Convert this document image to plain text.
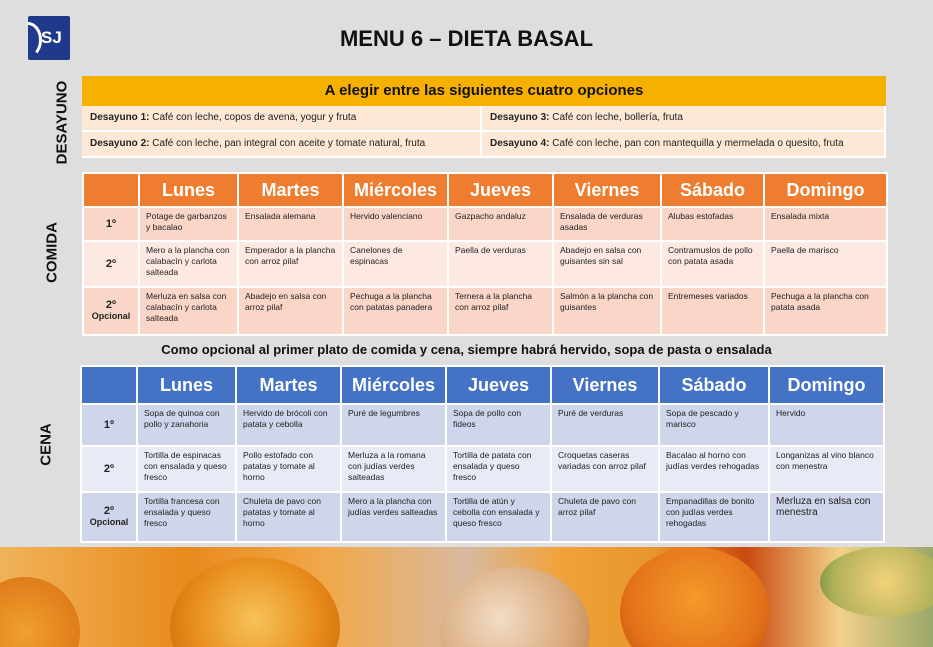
SJ	MENU 6 – DIETA BASAL
DESAYUNO
COMIDA
CENA
A elegir entre las siguientes cuatro opciones
Desayuno 1: Café con leche, copos de avena, yogur y fruta	Desayuno 3: Café con leche, bollería, fruta
Desayuno 2: Café con leche, pan integral con aceite y tomate natural, fruta	Desayuno 4: Café con leche, pan con mantequilla y mermelada o quesito, fruta
	Lunes	Martes	Miércoles	Jueves	Viernes	Sábado	Domingo
1º	Potage de garbanzos y bacalao	Ensalada alemana	Hervido valenciano	Gazpacho andaluz	Ensalada de verduras asadas	Alubas estofadas	Ensalada mixta
2º	Mero a la plancha con calabacín y carlota salteada	Emperador a la plancha con arroz pilaf	Canelones de espinacas	Paella de verduras	Abadejo en salsa con guisantes sin sal	Contramuslos de pollo con patata asada	Paella de marisco
2º
Opcional	Merluza en salsa con calabacín y carlota salteada	Abadejo en salsa con arroz pilaf	Pechuga a la plancha con patatas panadera	Ternera a la plancha con arroz pilaf	Salmón a la plancha con guisantes	Entremeses variados	Pechuga a la plancha con patata asada
Como opcional al primer plato de comida y cena, siempre habrá hervido, sopa de pasta o ensalada
	Lunes	Martes	Miércoles	Jueves	Viernes	Sábado	Domingo
1º	Sopa de quinoa con pollo y zanahoria	Hervido de brócoli con patata y cebolla	Puré de legumbres	Sopa de pollo con fideos	Puré de verduras	Sopa de pescado y marisco	Hervido
2º	Tortilla de espinacas con ensalada y queso fresco	Pollo estofado con patatas y tomate al horno	Merluza a la romana con judías verdes salteadas	Tortilla de patata con ensalada y queso fresco	Croquetas caseras variadas con arroz pilaf	Bacalao al horno con judías verdes rehogadas	Longanizas al vino blanco con menestra
2º
Opcional	Tortilla francesa con ensalada y queso fresco	Chuleta de pavo con patatas y tomate al horno	Mero a la plancha con judías verdes salteadas	Tortilla de atún y cebolla con ensalada y queso fresco	Chuleta de pavo con arroz pilaf	Empanadillas de bonito con judías verdes rehogadas	Merluza en salsa con menestra
